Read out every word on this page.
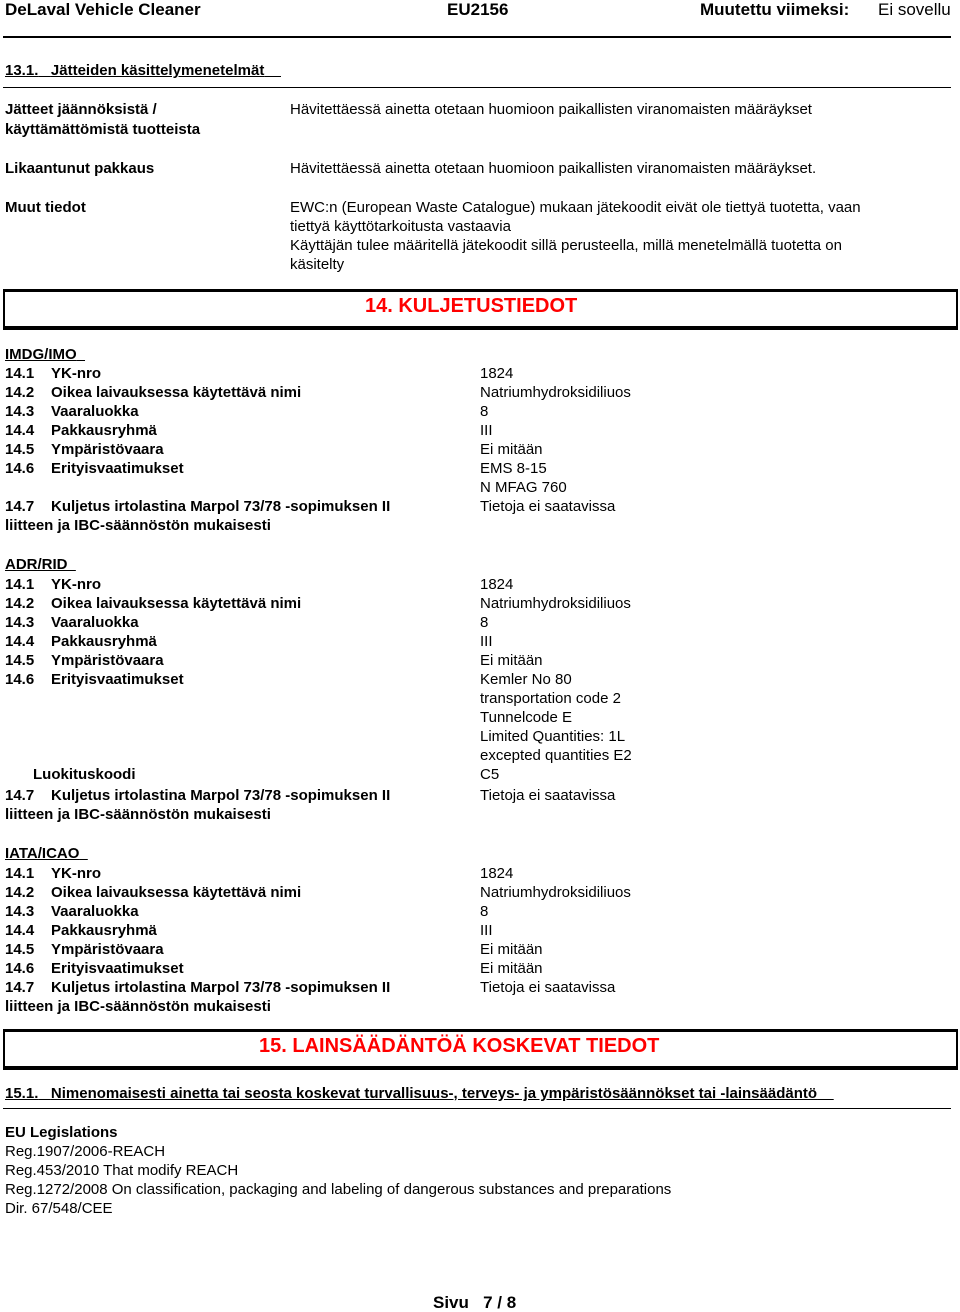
DeLaval Vehicle Cleaner	EU2156	Muutettu viimeksi: Ei sovellu
13.1. Jätteiden käsittelymenetelmät
Jätteet jäännöksistä /
käyttämättömistä tuotteista
Hävitettäessä ainetta otetaan huomioon paikallisten viranomaisten määräykset
Likaantunut pakkaus	Hävitettäessä ainetta otetaan huomioon paikallisten viranomaisten määräykset.
Muut tiedot	EWC:n (European Waste Catalogue) mukaan jätekoodit eivät ole tiettyä tuotetta, vaan
tiettyä käyttötarkoitusta vastaavia
Käyttäjän tulee määritellä jätekoodit sillä perusteella, millä menetelmällä tuotetta on
käsitelty
14. KULJETUSTIEDOT
IMDG/IMO
14.1	YK-nro	1824
14.2	Oikea laivauksessa käytettävä nimi	Natriumhydroksidiliuos
14.3	Vaaraluokka	8
14.4	Pakkausryhmä	III
14.5	Ympäristövaara	Ei mitään
14.6	Erityisvaatimukset	EMS 8-15
N MFAG 760
14.7	Kuljetus irtolastina Marpol 73/78 -sopimuksen II	Tietoja ei saatavissa
liitteen ja IBC-säännöstön mukaisesti
ADR/RID
14.1	YK-nro	1824
14.2	Oikea laivauksessa käytettävä nimi	Natriumhydroksidiliuos
14.3	Vaaraluokka	8
14.4	Pakkausryhmä	III
14.5	Ympäristövaara	Ei mitään
14.6	Erityisvaatimukset	Kemler No 80
transportation code 2
Tunnelcode E
Limited Quantities: 1L
excepted quantities E2
Luokituskoodi	C5
14.7	Kuljetus irtolastina Marpol 73/78 -sopimuksen II	Tietoja ei saatavissa
liitteen ja IBC-säännöstön mukaisesti
IATA/ICAO
14.1	YK-nro	1824
14.2	Oikea laivauksessa käytettävä nimi	Natriumhydroksidiliuos
14.3	Vaaraluokka	8
14.4	Pakkausryhmä	III
14.5	Ympäristövaara	Ei mitään
14.6	Erityisvaatimukset	Ei mitään
14.7	Kuljetus irtolastina Marpol 73/78 -sopimuksen II	Tietoja ei saatavissa
liitteen ja IBC-säännöstön mukaisesti
15. LAINSÄÄDÄNTÖÄ KOSKEVAT TIEDOT
15.1. Nimenomaisesti ainetta tai seosta koskevat turvallisuus-, terveys- ja ympäristösäännökset tai -lainsäädäntö
EU Legislations
Reg.1907/2006-REACH
Reg.453/2010 That modify REACH
Reg.1272/2008 On classification, packaging and labeling of dangerous substances and preparations
Dir. 67/548/CEE
Sivu 7 / 8
